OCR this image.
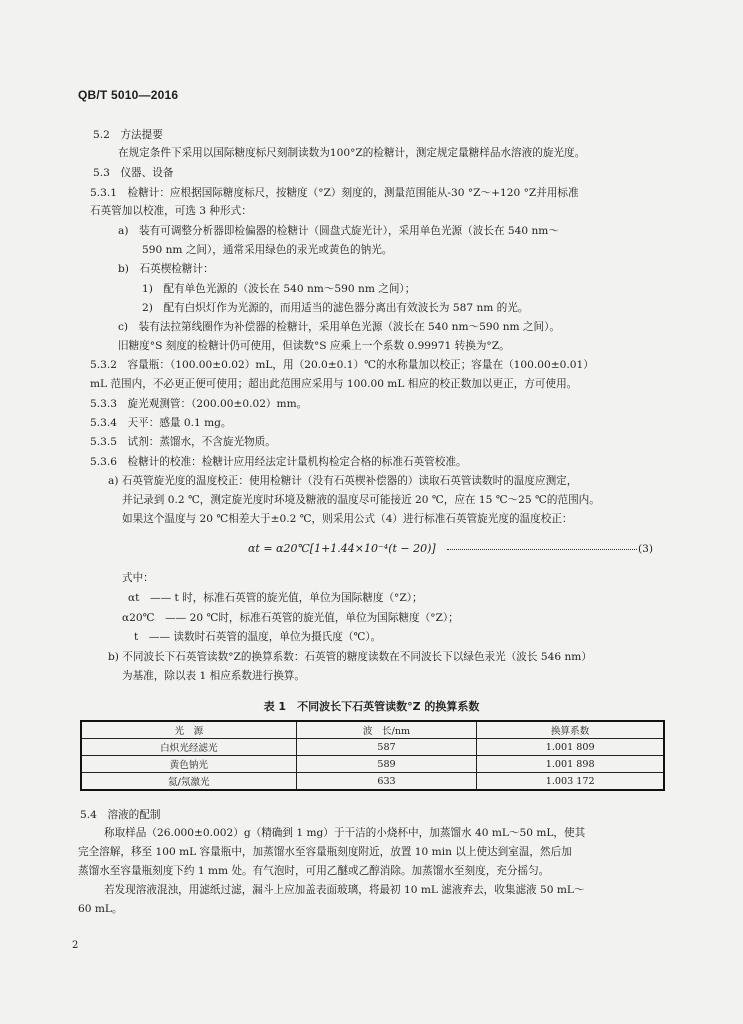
QB/T 5010—2016
5.2　方法提要
在规定条件下采用以国际糖度标尺刻制读数为100°Z的检糖计，测定规定量糖样品水溶液的旋光度。
5.3　仪器、设备
5.3.1　检糖计：应根据国际糖度标尺，按糖度（°Z）刻度的，测量范围能从-30 °Z～+120 °Z并用标准
石英管加以校准，可选 3 种形式：
a)　装有可调整分析器即检偏器的检糖计（圆盘式旋光计），采用单色光源（波长在 540 nm～
590 nm 之间），通常采用绿色的汞光或黄色的钠光。
b)　石英楔检糖计：
1)　配有单色光源的（波长在 540 nm～590 nm 之间）；
2)　配有白炽灯作为光源的，而用适当的滤色器分离出有效波长为 587 nm 的光。
c)　装有法拉第线圈作为补偿器的检糖计，采用单色光源（波长在 540 nm～590 nm 之间）。
旧糖度°S 刻度的检糖计仍可使用，但读数°S 应乘上一个系数 0.99971 转换为°Z。
5.3.2　容量瓶：（100.00±0.02）mL，用（20.0±0.1）℃的水称量加以校正；容量在（100.00±0.01）
mL 范围内，不必更正便可使用；超出此范围应采用与 100.00 mL 相应的校正数加以更正，方可使用。
5.3.3　旋光观测管：（200.00±0.02）mm。
5.3.4　天平：感量 0.1 mg。
5.3.5　试剂：蒸馏水，不含旋光物质。
5.3.6　检糖计的校准：检糖计应用经法定计量机构检定合格的标准石英管校准。
a) 石英管旋光度的温度校正：使用检糖计（没有石英楔补偿器的）读取石英管读数时的温度应测定，
并记录到 0.2 ℃，测定旋光度时环境及糖液的温度尽可能接近 20 ℃，应在 15 ℃～25 ℃的范围内。
如果这个温度与 20 ℃相差大于±0.2 ℃，则采用公式（4）进行标准石英管旋光度的温度校正：
αt = α20℃[1+1.44×10⁻⁴(t − 20)]	(3)
式中：
αt　—— t 时，标准石英管的旋光值，单位为国际糖度（°Z）；
α20℃　—— 20 ℃时，标准石英管的旋光值，单位为国际糖度（°Z）；
t　—— 读数时石英管的温度，单位为摄氏度（℃）。
b) 不同波长下石英管读数°Z的换算系数：石英管的糖度读数在不同波长下以绿色汞光（波长 546 nm）
为基准，除以表 1 相应系数进行换算。
表 1　不同波长下石英管读数°Z 的换算系数
光　源	波　长/nm	换算系数
白炽光经滤光	587	1.001 809
黄色钠光	589	1.001 898
氦/氖激光	633	1.003 172
5.4　溶液的配制
称取样品（26.000±0.002）g（精确到 1 mg）于干洁的小烧杯中，加蒸馏水 40 mL～50 mL，使其
完全溶解，移至 100 mL 容量瓶中，加蒸馏水至容量瓶刻度附近，放置 10 min 以上使达到室温，然后加
蒸馏水至容量瓶刻度下约 1 mm 处。有气泡时，可用乙醚或乙醇消除。加蒸馏水至刻度，充分摇匀。
若发现溶液混浊，用滤纸过滤，漏斗上应加盖表面玻璃，将最初 10 mL 滤液弃去，收集滤液 50 mL～
60 mL。
2
